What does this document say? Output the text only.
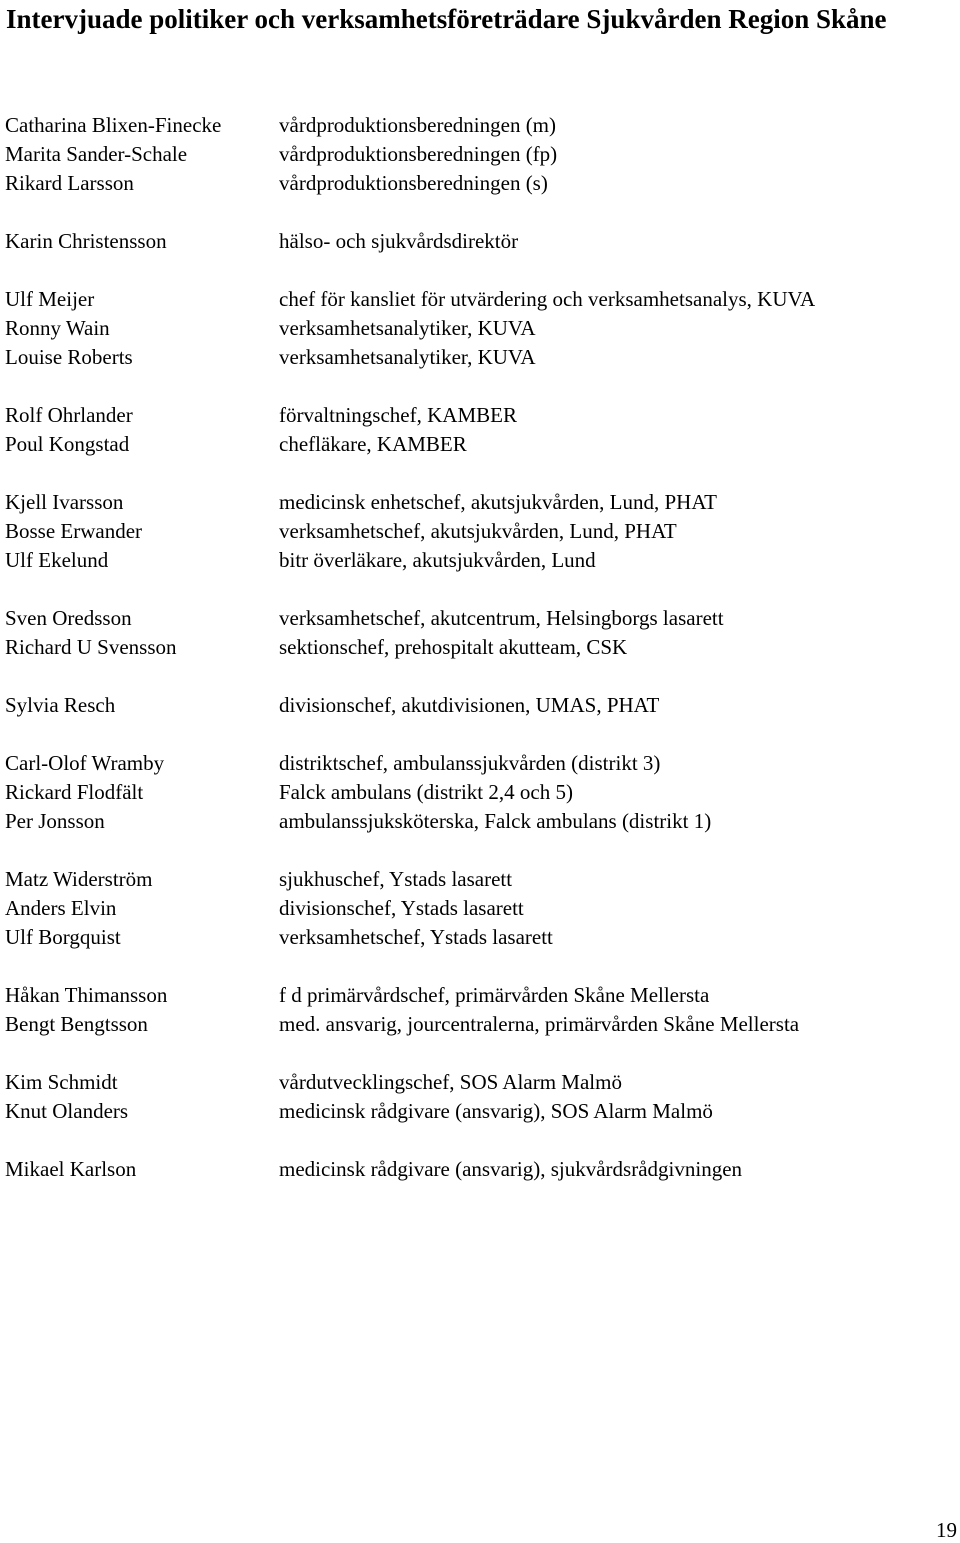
Intervjuade politiker och verksamhetsföreträdare Sjukvården Region Skåne
Catharina Blixen-Finecke	vårdproduktionsberedningen (m)
Marita Sander-Schale	vårdproduktionsberedningen (fp)
Rikard Larsson	vårdproduktionsberedningen (s)
Karin Christensson	hälso- och sjukvårdsdirektör
Ulf Meijer	chef för kansliet för utvärdering och verksamhetsanalys, KUVA
Ronny Wain	verksamhetsanalytiker, KUVA
Louise Roberts	verksamhetsanalytiker, KUVA
Rolf Ohrlander	förvaltningschef, KAMBER
Poul Kongstad	chefläkare, KAMBER
Kjell Ivarsson	medicinsk enhetschef, akutsjukvården, Lund, PHAT
Bosse Erwander	verksamhetschef, akutsjukvården, Lund, PHAT
Ulf Ekelund	bitr överläkare, akutsjukvården, Lund
Sven Oredsson	verksamhetschef, akutcentrum, Helsingborgs lasarett
Richard U Svensson	sektionschef, prehospitalt akutteam, CSK
Sylvia Resch	divisionschef, akutdivisionen, UMAS, PHAT
Carl-Olof Wramby	distriktschef, ambulanssjukvården (distrikt 3)
Rickard Flodfält	Falck ambulans (distrikt 2,4 och 5)
Per Jonsson	ambulanssjuksköterska, Falck ambulans (distrikt 1)
Matz Widerström	sjukhuschef, Ystads lasarett
Anders Elvin	divisionschef, Ystads lasarett
Ulf Borgquist	verksamhetschef, Ystads lasarett
Håkan Thimansson	f d primärvårdschef, primärvården Skåne Mellersta
Bengt Bengtsson	med. ansvarig, jourcentralerna, primärvården Skåne Mellersta
Kim Schmidt	vårdutvecklingschef, SOS Alarm Malmö
Knut Olanders	medicinsk rådgivare (ansvarig), SOS Alarm Malmö
Mikael Karlson	medicinsk rådgivare (ansvarig), sjukvårdsrådgivningen
19
